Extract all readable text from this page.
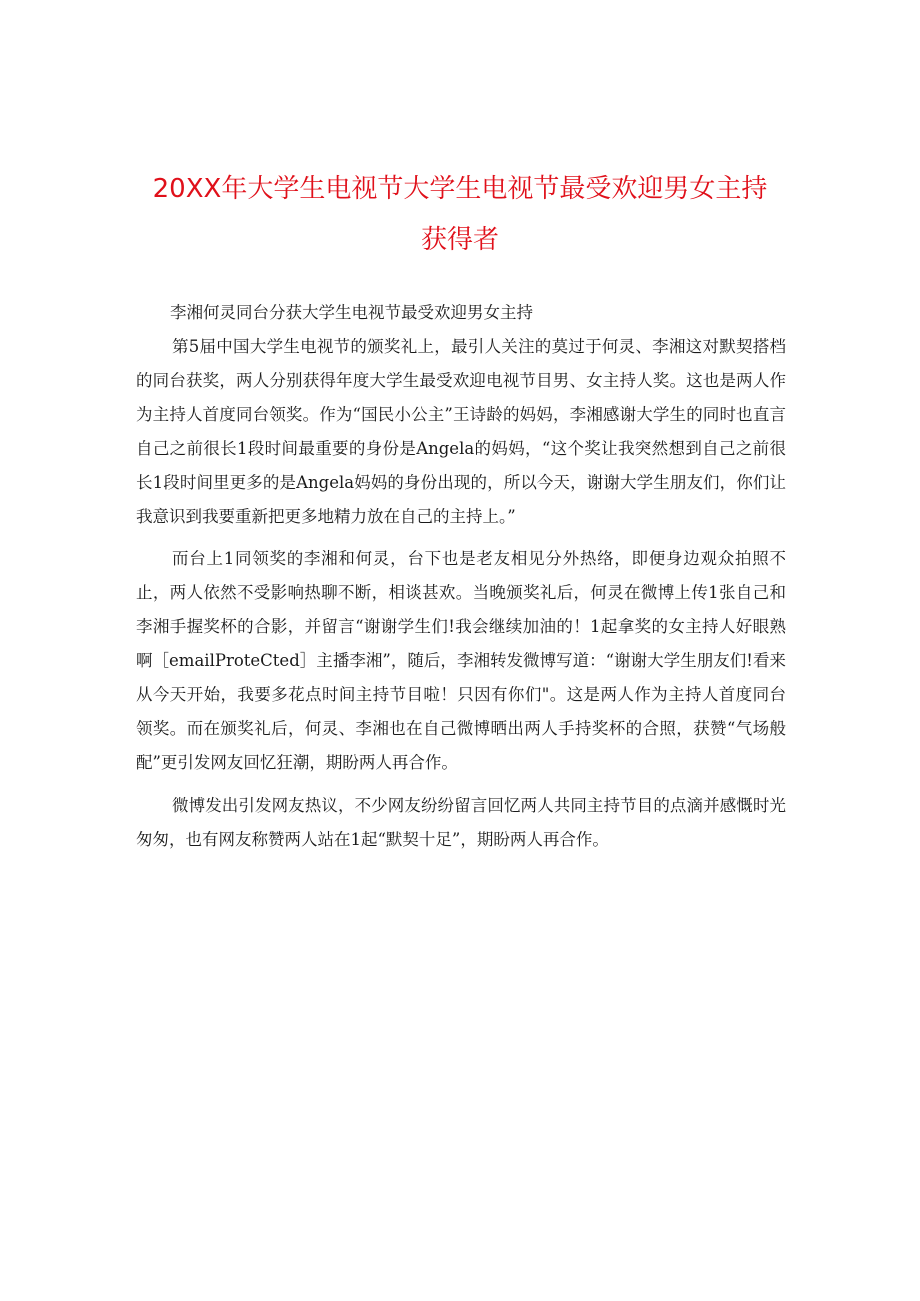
20XX年大学生电视节大学生电视节最受欢迎男女主持
获得者

李湘何灵同台分获大学生电视节最受欢迎男女主持

第5届中国大学生电视节的颁奖礼上，最引人关注的莫过于何灵、李湘这对默契搭档的同台获奖，两人分别获得年度大学生最受欢迎电视节目男、女主持人奖。这也是两人作为主持人首度同台领奖。作为“国民小公主”王诗龄的妈妈，李湘感谢大学生的同时也直言自己之前很长1段时间最重要的身份是Angela的妈妈，“这个奖让我突然想到自己之前很长1段时间里更多的是Angela妈妈的身份出现的，所以今天，谢谢大学生朋友们，你们让我意识到我要重新把更多地精力放在自己的主持上。”

而台上1同领奖的李湘和何灵，台下也是老友相见分外热络，即便身边观众拍照不止，两人依然不受影响热聊不断，相谈甚欢。当晚颁奖礼后，何灵在微博上传1张自己和李湘手握奖杯的合影，并留言“谢谢学生们!我会继续加油的！1起拿奖的女主持人好眼熟啊［emailProteCted］主播李湘”，随后，李湘转发微博写道：“谢谢大学生朋友们!看来从今天开始，我要多花点时间主持节目啦！只因有你们"。这是两人作为主持人首度同台领奖。而在颁奖礼后，何灵、李湘也在自己微博晒出两人手持奖杯的合照，获赞“气场般配”更引发网友回忆狂潮，期盼两人再合作。

微博发出引发网友热议，不少网友纷纷留言回忆两人共同主持节目的点滴并感慨时光匆匆，也有网友称赞两人站在1起“默契十足”，期盼两人再合作。
